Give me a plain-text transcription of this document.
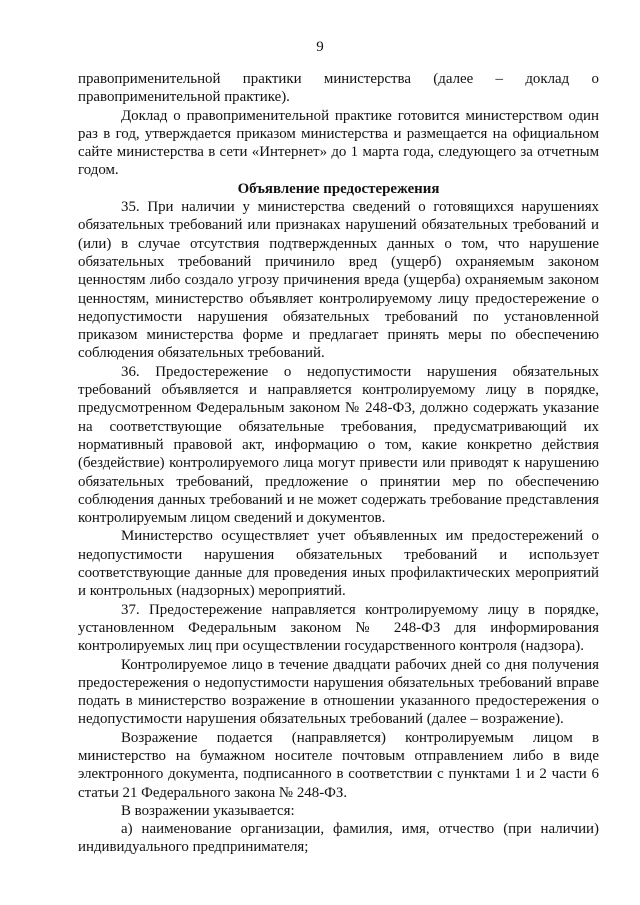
9

правоприменительной практики министерства (далее – доклад о правоприменительной практике).

Доклад о правоприменительной практике готовится министерством один раз в год, утверждается приказом министерства и размещается на официальном сайте министерства в сети «Интернет» до 1 марта года, следующего за отчетным годом.

Объявление предостережения

35. При наличии у министерства сведений о готовящихся нарушениях обязательных требований или признаках нарушений обязательных требований и (или) в случае отсутствия подтвержденных данных о том, что нарушение обязательных требований причинило вред (ущерб) охраняемым законом ценностям либо создало угрозу причинения вреда (ущерба) охраняемым законом ценностям, министерство объявляет контролируемому лицу предостережение о недопустимости нарушения обязательных требований по установленной приказом министерства форме и предлагает принять меры по обеспечению соблюдения обязательных требований.

36. Предостережение о недопустимости нарушения обязательных требований объявляется и направляется контролируемому лицу в порядке, предусмотренном Федеральным законом № 248-ФЗ, должно содержать указание на соответствующие обязательные требования, предусматривающий их нормативный правовой акт, информацию о том, какие конкретно действия (бездействие) контролируемого лица могут привести или приводят к нарушению обязательных требований, предложение о принятии мер по обеспечению соблюдения данных требований и не может содержать требование представления контролируемым лицом сведений и документов.

Министерство осуществляет учет объявленных им предостережений о недопустимости нарушения обязательных требований и использует соответствующие данные для проведения иных профилактических мероприятий и контрольных (надзорных) мероприятий.

37. Предостережение направляется контролируемому лицу в порядке, установленном Федеральным законом № 248-ФЗ для информирования контролируемых лиц при осуществлении государственного контроля (надзора).

Контролируемое лицо в течение двадцати рабочих дней со дня получения предостережения о недопустимости нарушения обязательных требований вправе подать в министерство возражение в отношении указанного предостережения о недопустимости нарушения обязательных требований (далее – возражение).

Возражение подается (направляется) контролируемым лицом в министерство на бумажном носителе почтовым отправлением либо в виде электронного документа, подписанного в соответствии с пунктами 1 и 2 части 6 статьи 21 Федерального закона № 248-ФЗ.

В возражении указывается:

а) наименование организации, фамилия, имя, отчество (при наличии) индивидуального предпринимателя;
